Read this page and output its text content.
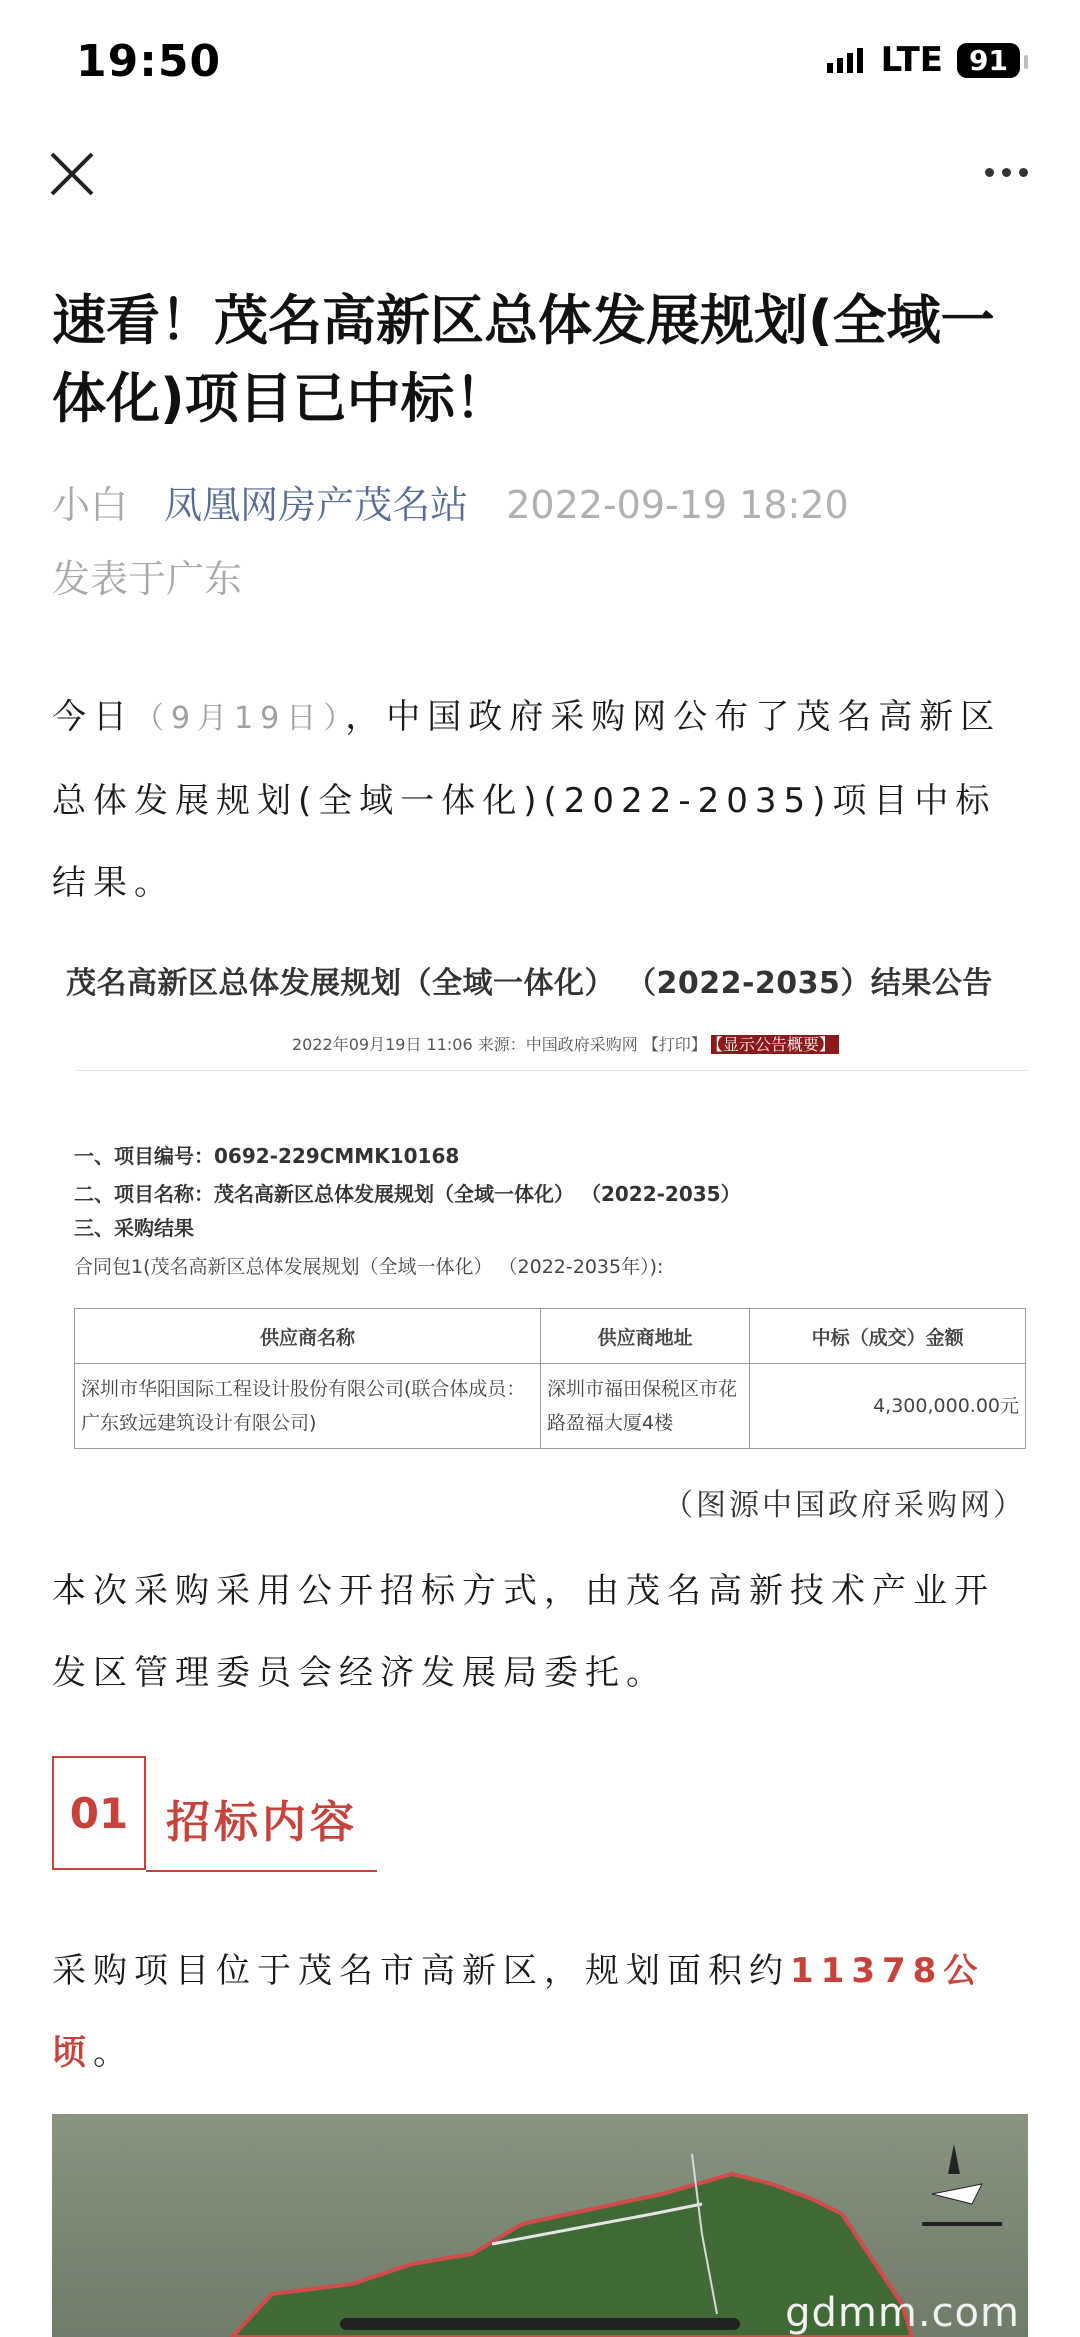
19:50	LTE 91
速看！茂名高新区总体发展规划(全域一体化)项目已中标！
小白 凤凰网房产茂名站 2022-09-19 18:20
发表于广东
今日（9月19日），中国政府采购网公布了茂名高新区总体发展规划(全域一体化)(2022-2035)项目中标结果。
茂名高新区总体发展规划（全域一体化） （2022-2035）结果公告
2022年09月19日 11:06 来源：中国政府采购网 【打印】 【显示公告概要】
一、项目编号：0692-229CMMK10168
二、项目名称：茂名高新区总体发展规划（全域一体化） （2022-2035）
三、采购结果
合同包1(茂名高新区总体发展规划（全域一体化） （2022-2035年）):
供应商名称	供应商地址	中标（成交）金额
深圳市华阳国际工程设计股份有限公司(联合体成员：广东致远建筑设计有限公司)	深圳市福田保税区市花路盈福大厦4楼	4,300,000.00元
（图源中国政府采购网）
本次采购采用公开招标方式，由茂名高新技术产业开发区管理委员会经济发展局委托。
01 招标内容
采购项目位于茂名市高新区，规划面积约11378公顷。
gdmm.com
